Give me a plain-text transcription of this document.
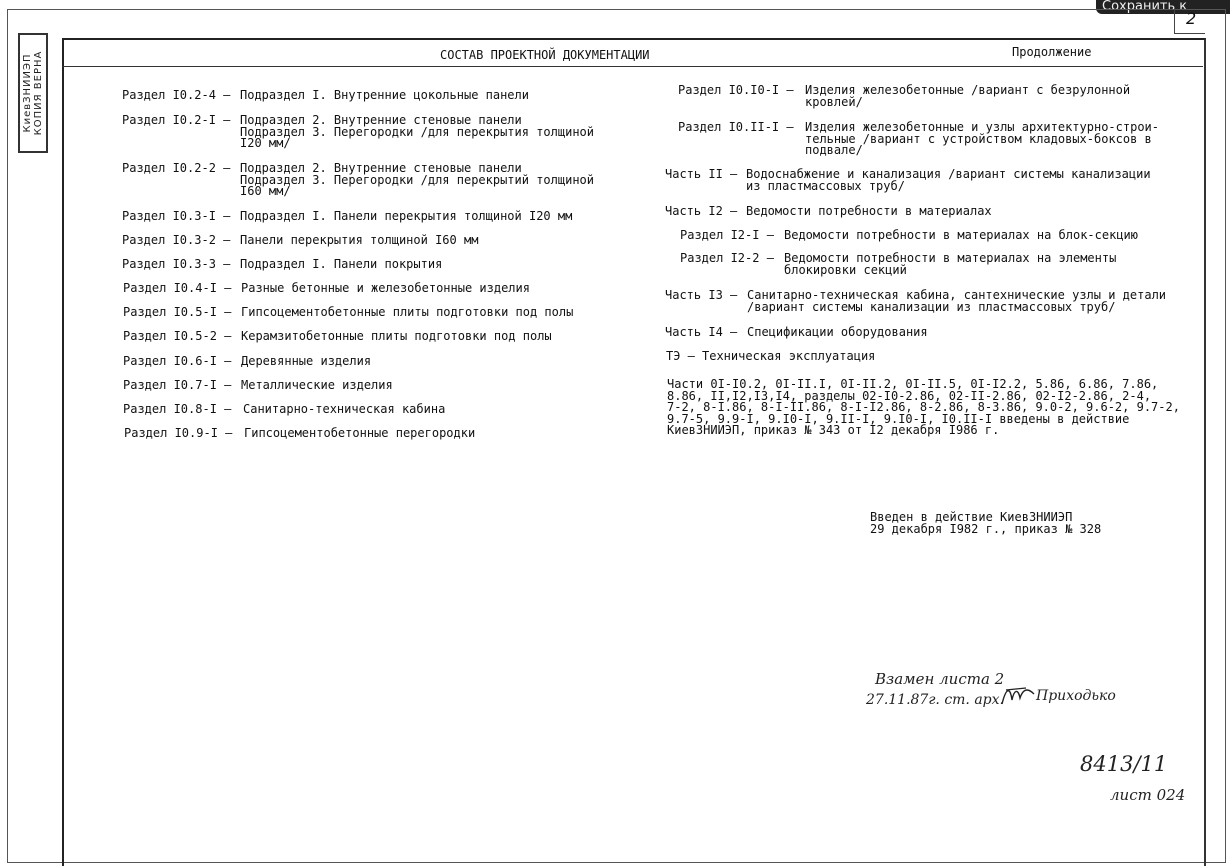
Сохранить к
2
КиевЗНИИЭП КОПИЯ ВЕРНА	СОСТАВ ПРОЕКТНОЙ ДОКУМЕНТАЦИИ	Продолжение
Раздел I0.2-4 – Подраздел I. Внутренние цокольные панели
Раздел I0.2-I – Подраздел 2. Внутренние стеновые панели
Подраздел 3. Перегородки /для перекрытия толщиной
I20 мм/
Раздел I0.2-2 – Подраздел 2. Внутренние стеновые панели
Подраздел 3. Перегородки /для перекрытий толщиной
I60 мм/
Раздел I0.3-I – Подраздел I. Панели перекрытия толщиной I20 мм
Раздел I0.3-2 – Панели перекрытия толщиной I60 мм
Раздел I0.3-3 – Подраздел I. Панели покрытия
Раздел I0.4-I – Разные бетонные и железобетонные изделия
Раздел I0.5-I – Гипсоцементобетонные плиты подготовки под полы
Раздел I0.5-2 – Керамзитобетонные плиты подготовки под полы
Раздел I0.6-I – Деревянные изделия
Раздел I0.7-I – Металлические изделия
Раздел I0.8-I – Санитарно-техническая кабина
Раздел I0.9-I – Гипсоцементобетонные перегородки
Раздел I0.I0-I – Изделия железобетонные /вариант с безрулонной
кровлей/
Раздел I0.II-I – Изделия железобетонные и узлы архитектурно-строи-
тельные /вариант с устройством кладовых-боксов в
подвале/
Часть II – Водоснабжение и канализация /вариант системы канализации
из пластмассовых труб/
Часть I2 – Ведомости потребности в материалах
Раздел I2-I – Ведомости потребности в материалах на блок-секцию
Раздел I2-2 – Ведомости потребности в материалах на элементы
блокировки секций
Часть I3 – Санитарно-техническая кабина, сантехнические узлы и детали
/вариант системы канализации из пластмассовых труб/
Часть I4 – Спецификации оборудования
ТЭ – Техническая эксплуатация
Части 0I-I0.2, 0I-II.I, 0I-II.2, 0I-II.5, 0I-I2.2, 5.86, 6.86, 7.86,
8.86, II,I2,I3,I4, разделы 02-I0-2.86, 02-II-2.86, 02-I2-2.86, 2-4,
7-2, 8-I.86, 8-I-II.86, 8-I-I2.86, 8-2.86, 8-3.86, 9.0-2, 9.6-2, 9.7-2,
9.7-5, 9.9-I, 9.I0-I, 9.II-I, 9.I0-I, I0.II-I введены в действие
КиевЗНИИЭП, приказ № 343 от I2 декабря I986 г.
Введен в действие КиевЗНИИЭП
29 декабря I982 г., приказ № 328
Взамен листа 2
27.11.87г. ст. арх. Приходько
8413/11
лист 024
